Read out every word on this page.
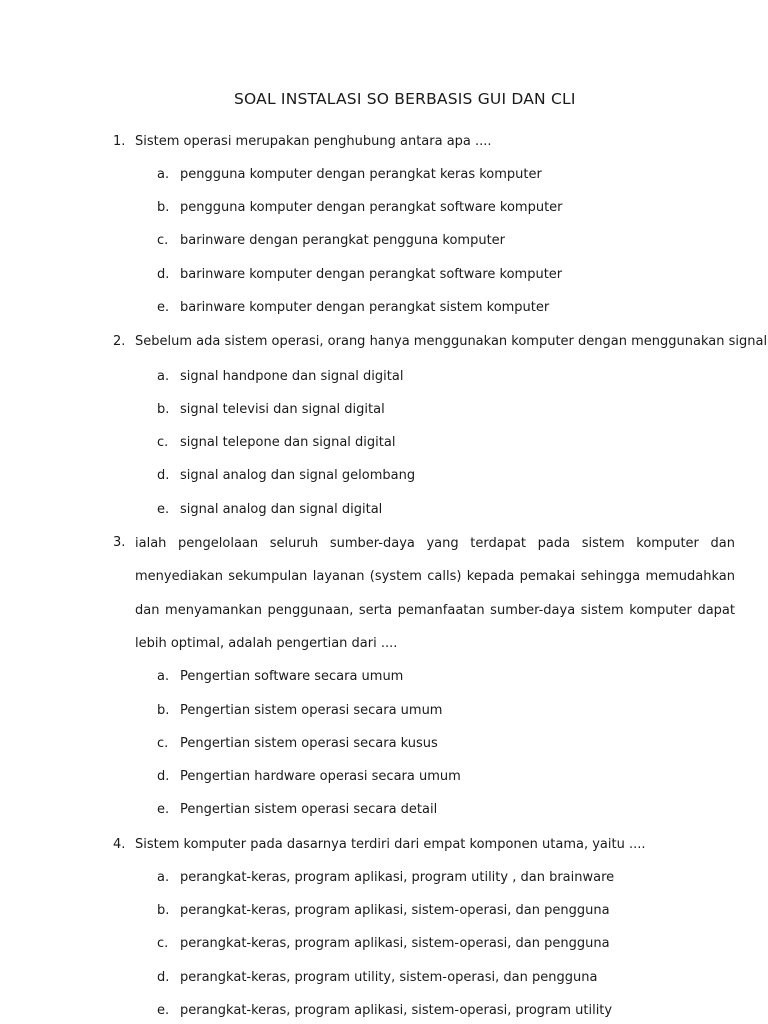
SOAL INSTALASI SO BERBASIS GUI DAN CLI
1. Sistem operasi merupakan penghubung antara apa ....
a. pengguna komputer dengan perangkat keras komputer
b. pengguna komputer dengan perangkat software komputer
c. barinware dengan perangkat pengguna komputer
d. barinware komputer dengan perangkat software komputer
e. barinware komputer dengan perangkat sistem komputer
2. Sebelum ada sistem operasi, orang hanya menggunakan komputer dengan menggunakan signal
a. signal handpone dan signal digital
b. signal televisi dan signal digital
c. signal telepone dan signal digital
d. signal analog dan signal gelombang
e. signal analog dan signal digital
3. ialah pengelolaan seluruh sumber-daya yang terdapat pada sistem komputer dan menyediakan sekumpulan layanan (system calls) kepada pemakai sehingga memudahkan dan menyamankan penggunaan, serta pemanfaatan sumber-daya sistem komputer dapat lebih optimal, adalah pengertian dari ....
a. Pengertian software secara umum
b. Pengertian sistem operasi secara umum
c. Pengertian sistem operasi secara kusus
d. Pengertian hardware operasi secara umum
e. Pengertian sistem operasi secara detail
4. Sistem komputer pada dasarnya terdiri dari empat komponen utama, yaitu ....
a. perangkat-keras, program aplikasi, program utility , dan brainware
b. perangkat-keras, program aplikasi, sistem-operasi, dan pengguna
c. perangkat-keras, program aplikasi, sistem-operasi, dan pengguna
d. perangkat-keras, program utility, sistem-operasi, dan pengguna
e. perangkat-keras, program aplikasi, sistem-operasi, program utility
